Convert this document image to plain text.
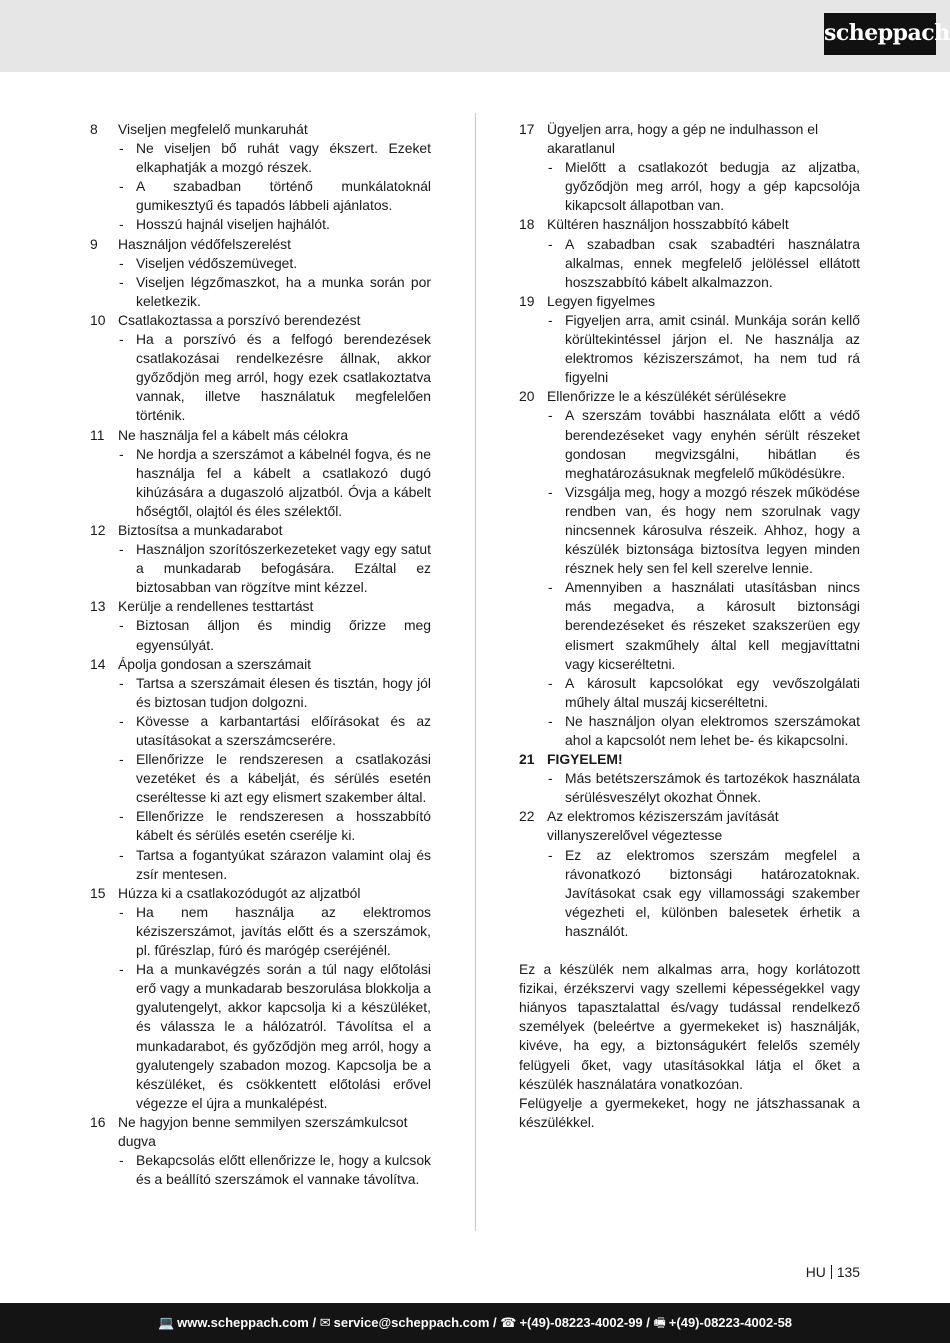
scheppach
8 Viseljen megfelelő munkaruhát
- Ne viseljen bő ruhát vagy ékszert. Ezeket elkaphatják a mozgó részek.
- A szabadban történő munkálatoknál gumikesztyű és tapadós lábbeli ajánlatos.
- Hosszú hajnál viseljen hajhálót.
9 Használjon védőfelszerelést
- Viseljen védőszemüveget.
- Viseljen légzőmaszkot, ha a munka során por keletkezik.
10 Csatlakoztassa a porszívó berendezést
- Ha a porszívó és a felfogó berendezések csatlakozásai rendelkezésre állnak, akkor győződjön meg arról, hogy ezek csatlakoztatva vannak, illetve használatuk megfelelően történik.
11 Ne használja fel a kábelt más célokra
- Ne hordja a szerszámot a kábelnél fogva, és ne használja fel a kábelt a csatlakozó dugó kihúzására a dugaszoló aljzatból. Óvja a kábelt hőségtől, olajtól és éles szélektől.
12 Biztosítsa a munkadarabot
- Használjon szorítószerkezeteket vagy egy satut a munkadarab befogására. Ezáltal ez biztosabban van rögzítve mint kézzel.
13 Kerülje a rendellenes testtartást
- Biztosan álljon és mindig őrizze meg egyensúlyát.
14 Ápolja gondosan a szerszámait
- Tartsa a szerszámait élesen és tisztán, hogy jól és biztosan tudjon dolgozni.
- Kövesse a karbantartási előírásokat és az utasításokat a szerszámcserére.
- Ellenőrizze le rendszeresen a csatlakozási vezetéket és a kábelját, és sérülés esetén cseréltesse ki azt egy elismert szakember által.
- Ellenőrizze le rendszeresen a hosszabbító kábelt és sérülés esetén cserélje ki.
- Tartsa a fogantyúkat szárazon valamint olaj és zsír mentesen.
15 Húzza ki a csatlakozódugót az aljzatból
- Ha nem használja az elektromos kéziszerszámot, javítás előtt és a szerszámok, pl. fűrészlap, fúró és marógép cseréjénél.
- Ha a munkavégzés során a túl nagy előtolási erő vagy a munkadarab beszorulása blokkolja a gyalutengelyt, akkor kapcsolja ki a készüléket, és válassza le a hálózatról. Távolítsa el a munkadarabot, és győződjön meg arról, hogy a gyalutengely szabadon mozog. Kapcsolja be a készüléket, és csökkentett előtolási erővel végezze el újra a munkalépést.
16 Ne hagyjon benne semmilyen szerszámkulcsot dugva
- Bekapcsolás előtt ellenőrizze le, hogy a kulcsok és a beállító szerszámok el vannake távolítva.
17 Ügyeljen arra, hogy a gép ne indulhasson el akaratlanul
- Mielőtt a csatlakozót bedugja az aljzatba, győződjön meg arról, hogy a gép kapcsolója kikapcsolt állapotban van.
18 Kültéren használjon hosszabbító kábelt
- A szabadban csak szabadtéri használatra alkalmas, ennek megfelelő jelöléssel ellátott hoszszabbító kábelt alkalmazzon.
19 Legyen figyelmes
- Figyeljen arra, amit csinál. Munkája során kellő körültekintéssel járjon el. Ne használja az elektromos kéziszerszámot, ha nem tud rá figyelni
20 Ellenőrizze le a készülékét sérülésekre
- A szerszám további használata előtt a védő berendezéseket vagy enyhén sérült részeket gondosan megvizsgálni, hibátlan és meghatározásuknak megfelelő működésükre.
- Vizsgálja meg, hogy a mozgó részek működése rendben van, és hogy nem szorulnak vagy nincsennek károsulva részeik. Ahhoz, hogy a készülék biztonsága biztosítva legyen minden résznek hely sen fel kell szerelve lennie.
- Amennyiben a használati utasításban nincs más megadva, a károsult biztonsági berendezéseket és részeket szakszerüen egy elismert szakműhely által kell megjavíttatni vagy kicseréltetni.
- A károsult kapcsolókat egy vevőszolgálati műhely által muszáj kicseréltetni.
- Ne használjon olyan elektromos szerszámokat ahol a kapcsolót nem lehet be- és kikapcsolni.
21 FIGYELEM!
- Más betétszerszámok és tartozékok használata sérülésveszélyt okozhat Önnek.
22 Az elektromos kéziszerszám javítását villanyszerelővel végeztesse
- Ez az elektromos szerszám megfelel a rávonatkozó biztonsági határozatoknak. Javításokat csak egy villamossági szakember végezheti el, különben balesetek érhetik a használót.

Ez a készülék nem alkalmas arra, hogy korlátozott fizikai, érzékszervi vagy szellemi képességekkel vagy hiányos tapasztalattal és/vagy tudással rendelkező személyek (beleértve a gyermekeket is) használják, kivéve, ha egy, a biztonságukért felelős személy felügyeli őket, vagy utasításokkal látja el őket a készülék használatára vonatkozóan.

Felügyelje a gyermekeket, hogy ne játszhassanak a készülékkel.

HU 135
💻 www.scheppach.com / ✉ service@scheppach.com / ☎ +(49)-08223-4002-99 / 🖷 +(49)-08223-4002-58
